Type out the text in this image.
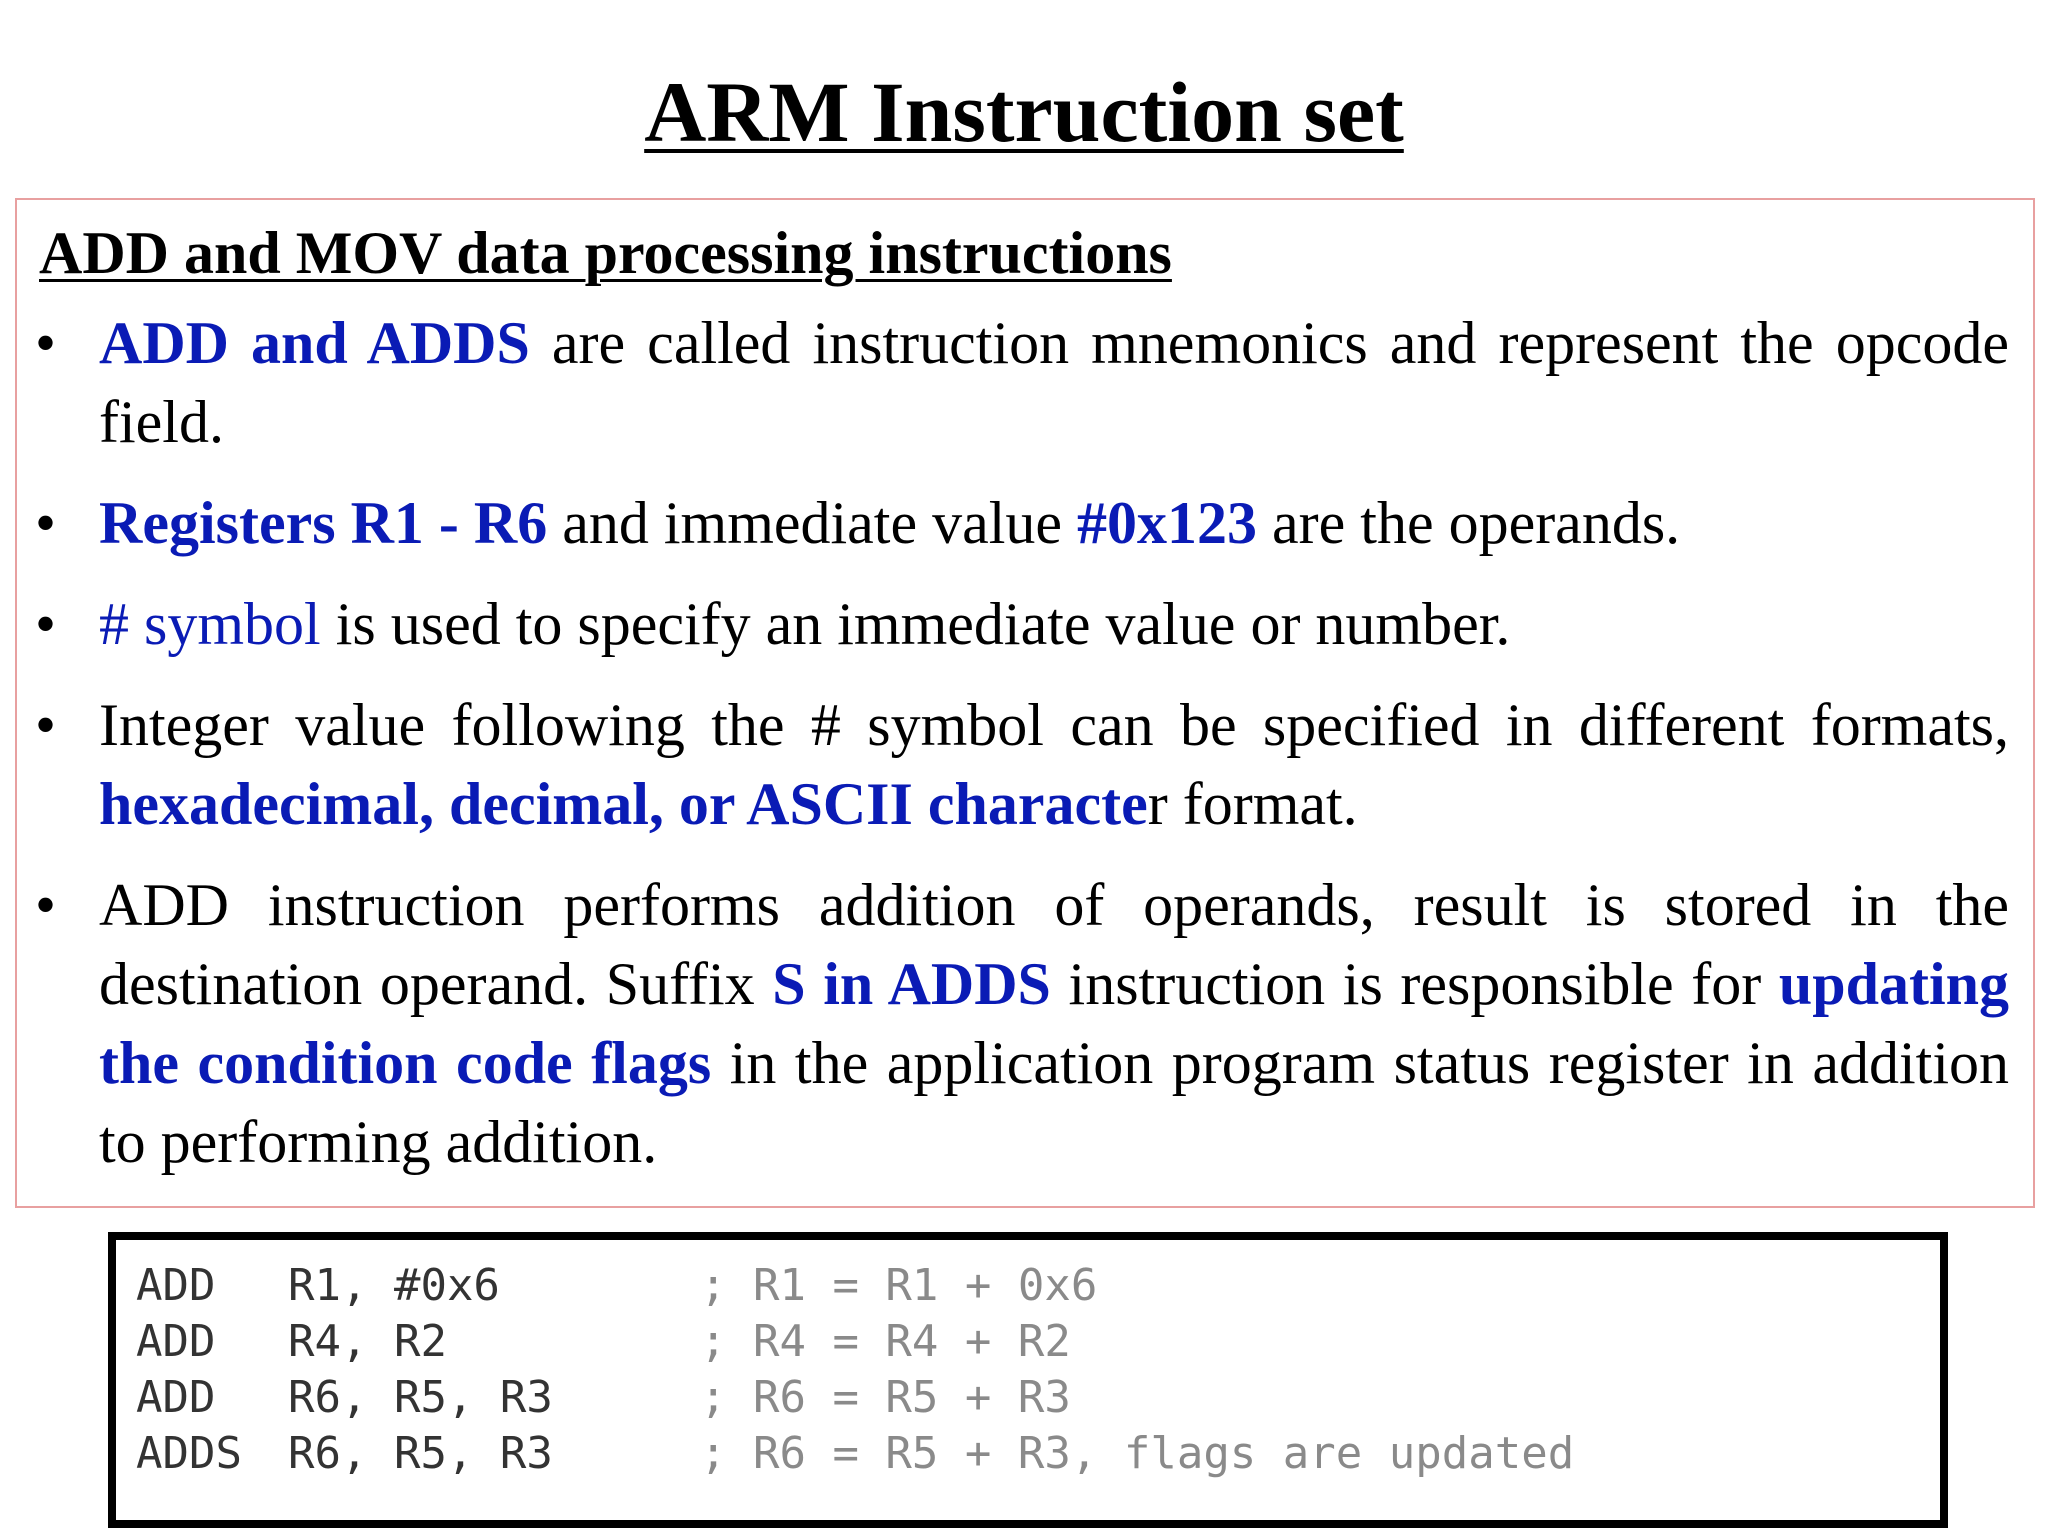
ARM Instruction set
ADD and MOV data processing instructions
• ADD and ADDS are called instruction mnemonics and represent the opcode field.
• Registers R1 - R6 and immediate value #0x123 are the operands.
• # symbol is used to specify an immediate value or number.
• Integer value following the # symbol can be specified in different formats, hexadecimal, decimal, or ASCII character format.
• ADD instruction performs addition of operands, result is stored in the destination operand. Suffix S in ADDS instruction is responsible for updating the condition code flags in the application program status register in addition to performing addition.
ADD	R1, #0x6	; R1 = R1 + 0x6
ADD	R4, R2	; R4 = R4 + R2
ADD	R6, R5, R3	; R6 = R5 + R3
ADDS	R6, R5, R3	; R6 = R5 + R3, flags are updated
